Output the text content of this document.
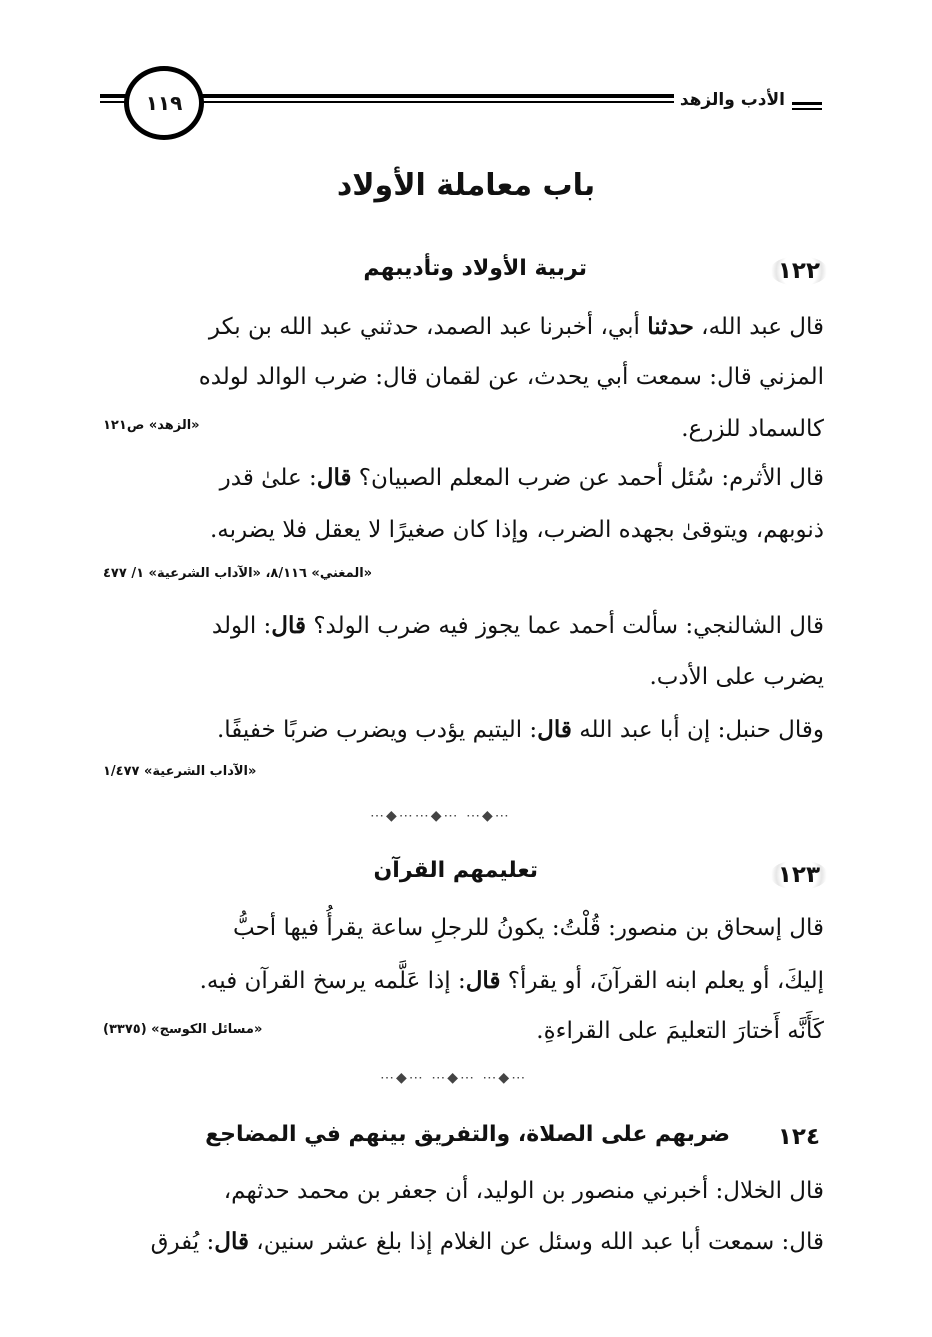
الأدب والزهد
١١٩
باب معاملة الأولاد
١٢٢
تربية الأولاد وتأديبهم
قال عبد الله، حدثنا أبي، أخبرنا عبد الصمد، حدثني عبد الله بن بكر
المزني قال: سمعت أبي يحدث، عن لقمان قال: ضرب الوالد لولده
كالسماد للزرع.
«الزهد» ص١٢١
قال الأثرم: سُئل أحمد عن ضرب المعلم الصبيان؟ قال: علىٰ قدر
ذنوبهم، ويتوقىٰ بجهده الضرب، وإذا كان صغيرًا لا يعقل فلا يضربه.
«المغني» ٨/١١٦، «الآداب الشرعية» ١/ ٤٧٧
قال الشالنجي: سألت أحمد عما يجوز فيه ضرب الولد؟ قال: الولد
يضرب على الأدب.
وقال حنبل: إن أبا عبد الله قال: اليتيم يؤدب ويضرب ضربًا خفيفًا.
«الآداب الشرعية» ١/٤٧٧
⋯◆⋯⋯◆⋯ ⋯◆⋯
١٢٣
تعليمهم القرآن
قال إسحاق بن منصور: قُلْتُ: يكونُ للرجلِ ساعة يقرأُ فيها أحبُّ
إليكَ، أو يعلم ابنه القرآنَ، أو يقرأ؟ قال: إذا عَلَّمه يرسخ القرآن فيه.
كَأَنَّه أَختارَ التعليمَ على القراءةِ.
«مسائل الكوسج» (٣٣٧٥)
⋯◆⋯ ⋯◆⋯ ⋯◆⋯
١٢٤
ضربهم على الصلاة، والتفريق بينهم في المضاجع
قال الخلال: أخبرني منصور بن الوليد، أن جعفر بن محمد حدثهم،
قال: سمعت أبا عبد الله وسئل عن الغلام إذا بلغ عشر سنين، قال: يُفرق
